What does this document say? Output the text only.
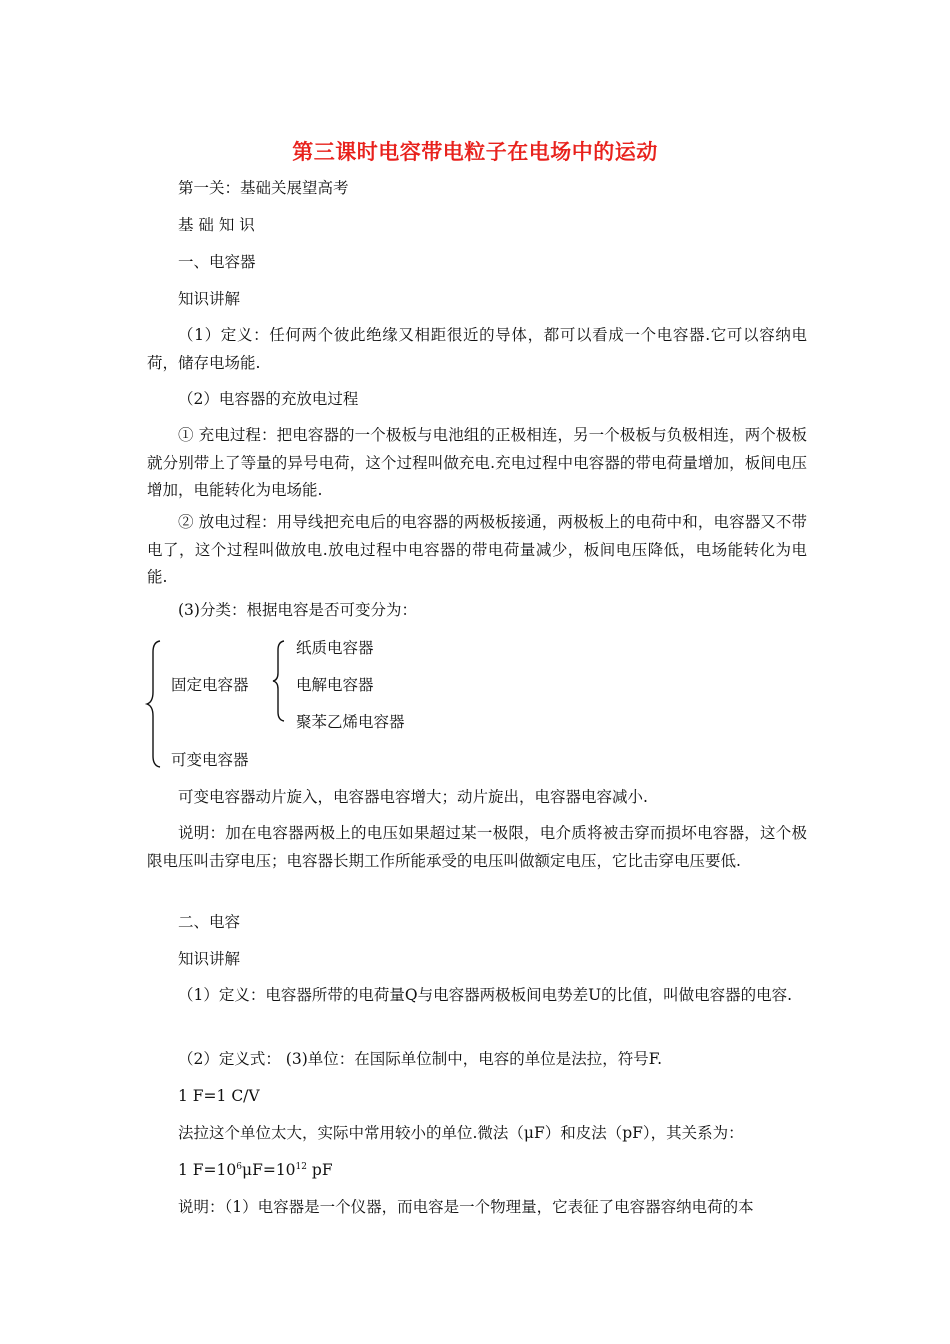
第三课时电容带电粒子在电场中的运动
第一关：基础关展望高考
基 础 知 识
一、电容器
知识讲解
（1）定义：任何两个彼此绝缘又相距很近的导体，都可以看成一个电容器.它可以容纳电荷，储存电场能.
（2）电容器的充放电过程
① 充电过程：把电容器的一个极板与电池组的正极相连，另一个极板与负极相连，两个极板就分别带上了等量的异号电荷，这个过程叫做充电.充电过程中电容器的带电荷量增加，板间电压增加，电能转化为电场能.
② 放电过程：用导线把充电后的电容器的两极板接通，两极板上的电荷中和，电容器又不带电了，这个过程叫做放电.放电过程中电容器的带电荷量减少，板间电压降低，电场能转化为电能.
(3)分类：根据电容是否可变分为：
固定电容器
纸质电容器
电解电容器
聚苯乙烯电容器
可变电容器
可变电容器动片旋入，电容器电容增大；动片旋出，电容器电容减小.
说明：加在电容器两极上的电压如果超过某一极限，电介质将被击穿而损坏电容器，这个极限电压叫击穿电压；电容器长期工作所能承受的电压叫做额定电压，它比击穿电压要低.
二、电容
知识讲解
（1）定义：电容器所带的电荷量Q与电容器两极板间电势差U的比值，叫做电容器的电容.
（2）定义式： (3)单位：在国际单位制中，电容的单位是法拉，符号F.
1 F=1 C/V
法拉这个单位太大，实际中常用较小的单位.微法（μF）和皮法（pF），其关系为：
1 $F=10^6\mu F=10^{12}$ pF
说明：（1）电容器是一个仪器，而电容是一个物理量，它表征了电容器容纳电荷的本
